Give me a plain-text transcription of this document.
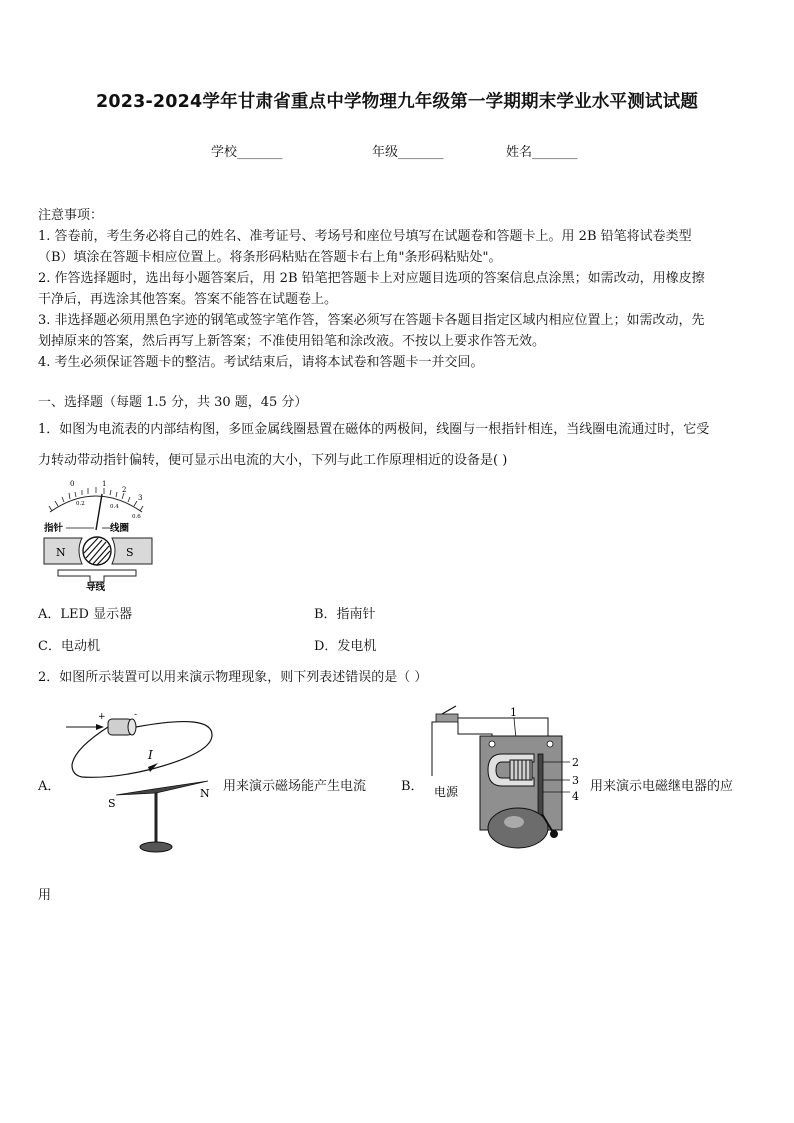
2023-2024学年甘肃省重点中学物理九年级第一学期期末学业水平测试试题
学校_______	年级_______	姓名_______
注意事项：
1. 答卷前，考生务必将自己的姓名、准考证号、考场号和座位号填写在试题卷和答题卡上。用 2B 铅笔将试卷类型
（B）填涂在答题卡相应位置上。将条形码粘贴在答题卡右上角"条形码粘贴处"。
2. 作答选择题时，选出每小题答案后，用 2B 铅笔把答题卡上对应题目选项的答案信息点涂黑；如需改动，用橡皮擦
干净后，再选涂其他答案。答案不能答在试题卷上。
3. 非选择题必须用黑色字迹的钢笔或签字笔作答，答案必须写在答题卡各题目指定区域内相应位置上；如需改动，先
划掉原来的答案，然后再写上新答案；不准使用铅笔和涂改液。不按以上要求作答无效。
4. 考生必须保证答题卡的整洁。考试结束后，请将本试卷和答题卡一并交回。
一、选择题（每题 1.5 分，共 30 题，45 分）
1．如图为电流表的内部结构图，多匝金属线圈悬置在磁体的两极间，线圈与一根指针相连，当线圈电流通过时，它受
力转动带动指针偏转，便可显示出电流的大小，下列与此工作原理相近的设备是( )
0	1
2
3
0.2	0.4
0.6
指针	线圈
N	S
导线
A．LED 显示器	B．指南针
C．电动机	D．发电机
2．如图所示装置可以用来演示物理现象，则下列表述错误的是（ ）
A．
+	-
I
S
N 用来演示磁场能产生电流	B．
1
2
3
4
电源	用来演示电磁继电器的应
用
